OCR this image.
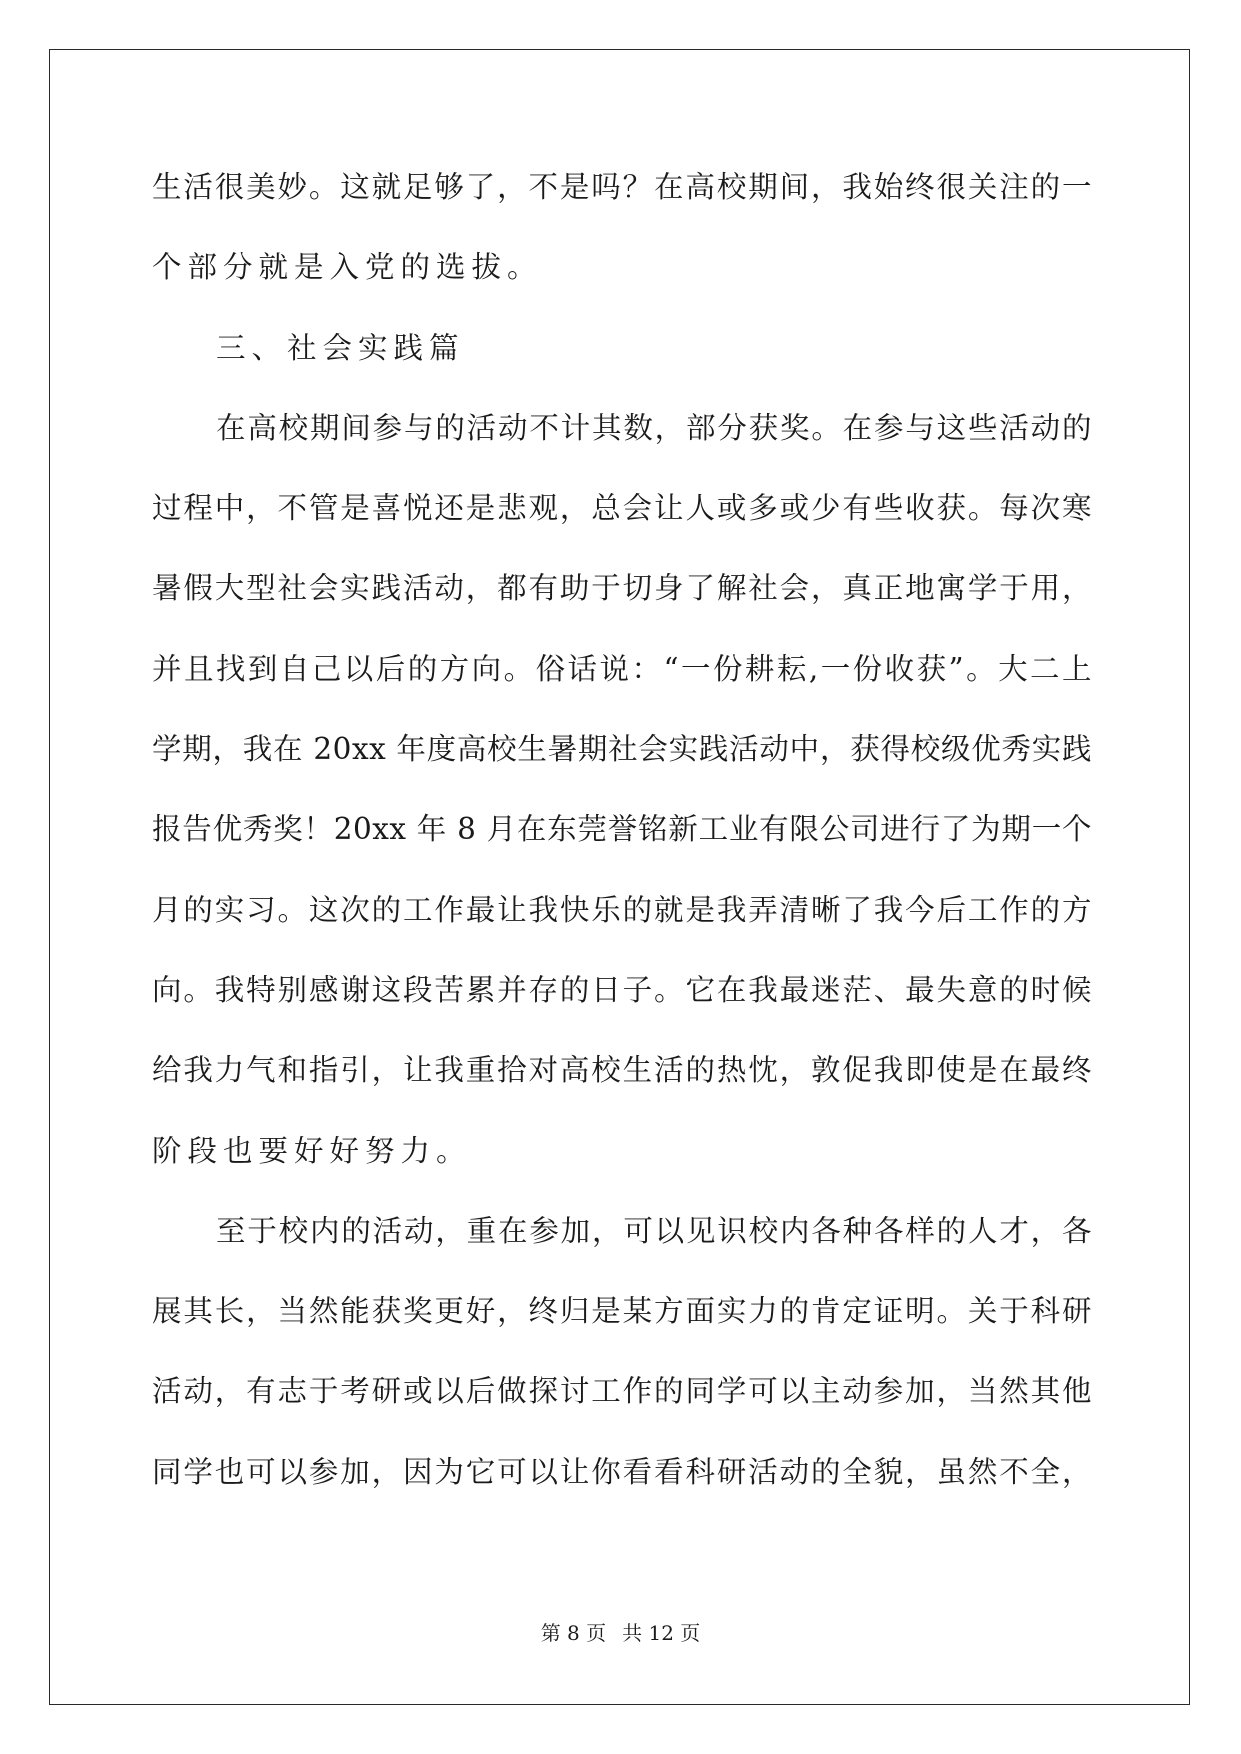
生活很美妙。这就足够了，不是吗？在高校期间，我始终很关注的一
个部分就是入党的选拔。
三、社会实践篇
在高校期间参与的活动不计其数，部分获奖。在参与这些活动的
过程中，不管是喜悦还是悲观，总会让人或多或少有些收获。每次寒
暑假大型社会实践活动，都有助于切身了解社会，真正地寓学于用，
并且找到自己以后的方向。俗话说：“一份耕耘,一份收获”。大二上
学期，我在 20xx 年度高校生暑期社会实践活动中，获得校级优秀实践
报告优秀奖！20xx 年 8 月在东莞誉铭新工业有限公司进行了为期一个
月的实习。这次的工作最让我快乐的就是我弄清晰了我今后工作的方
向。我特别感谢这段苦累并存的日子。它在我最迷茫、最失意的时候
给我力气和指引，让我重拾对高校生活的热忱，敦促我即使是在最终
阶段也要好好努力。
至于校内的活动，重在参加，可以见识校内各种各样的人才，各
展其长，当然能获奖更好，终归是某方面实力的肯定证明。关于科研
活动，有志于考研或以后做探讨工作的同学可以主动参加，当然其他
同学也可以参加，因为它可以让你看看科研活动的全貌，虽然不全，
第 8 页 共 12 页
